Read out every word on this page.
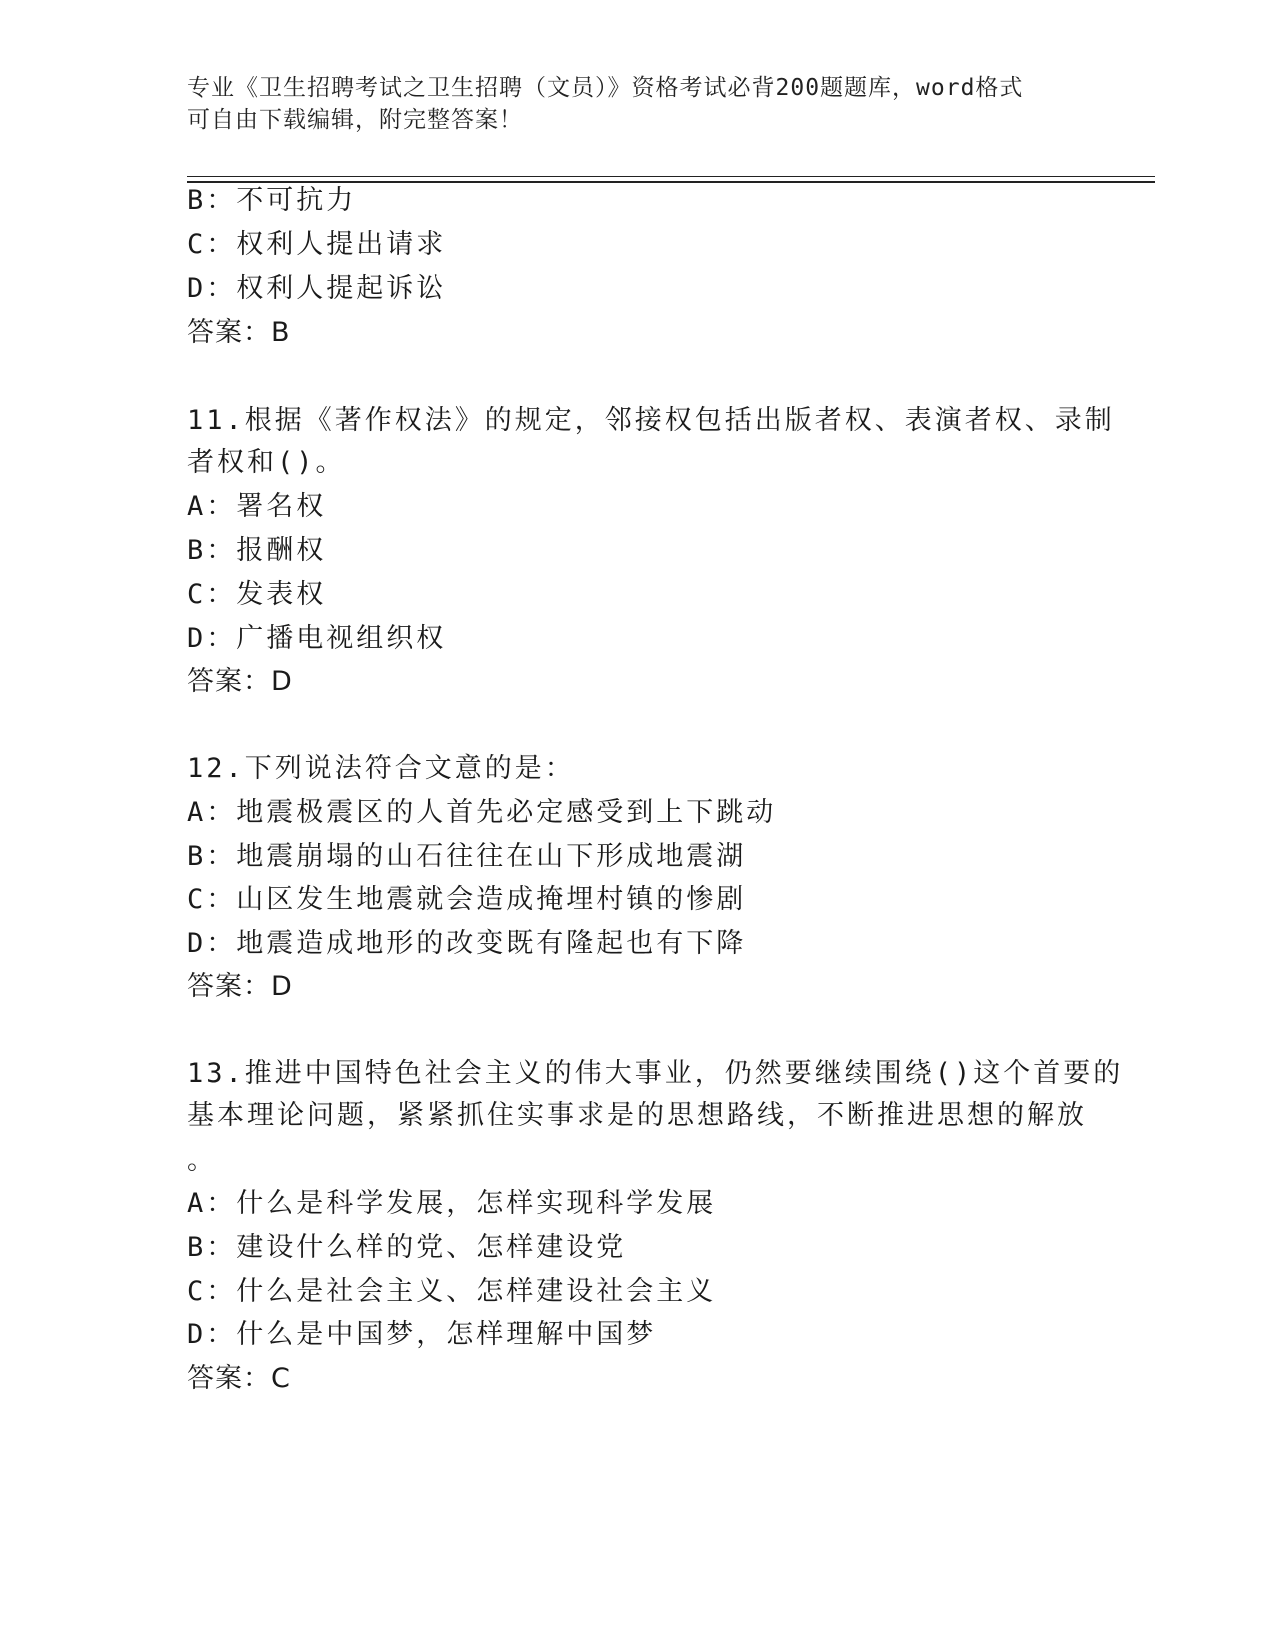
专业《卫生招聘考试之卫生招聘（文员）》资格考试必背200题题库，word格式
可自由下载编辑，附完整答案！
B：不可抗力
C：权利人提出请求
D：权利人提起诉讼
答案：B
11.根据《著作权法》的规定，邻接权包括出版者权、表演者权、录制
者权和()。
A：署名权
B：报酬权
C：发表权
D：广播电视组织权
答案：D
12.下列说法符合文意的是：
A：地震极震区的人首先必定感受到上下跳动
B：地震崩塌的山石往往在山下形成地震湖
C：山区发生地震就会造成掩埋村镇的惨剧
D：地震造成地形的改变既有隆起也有下降
答案：D
13.推进中国特色社会主义的伟大事业，仍然要继续围绕()这个首要的
基本理论问题，紧紧抓住实事求是的思想路线，不断推进思想的解放
。
A：什么是科学发展，怎样实现科学发展
B：建设什么样的党、怎样建设党
C：什么是社会主义、怎样建设社会主义
D：什么是中国梦，怎样理解中国梦
答案：C
